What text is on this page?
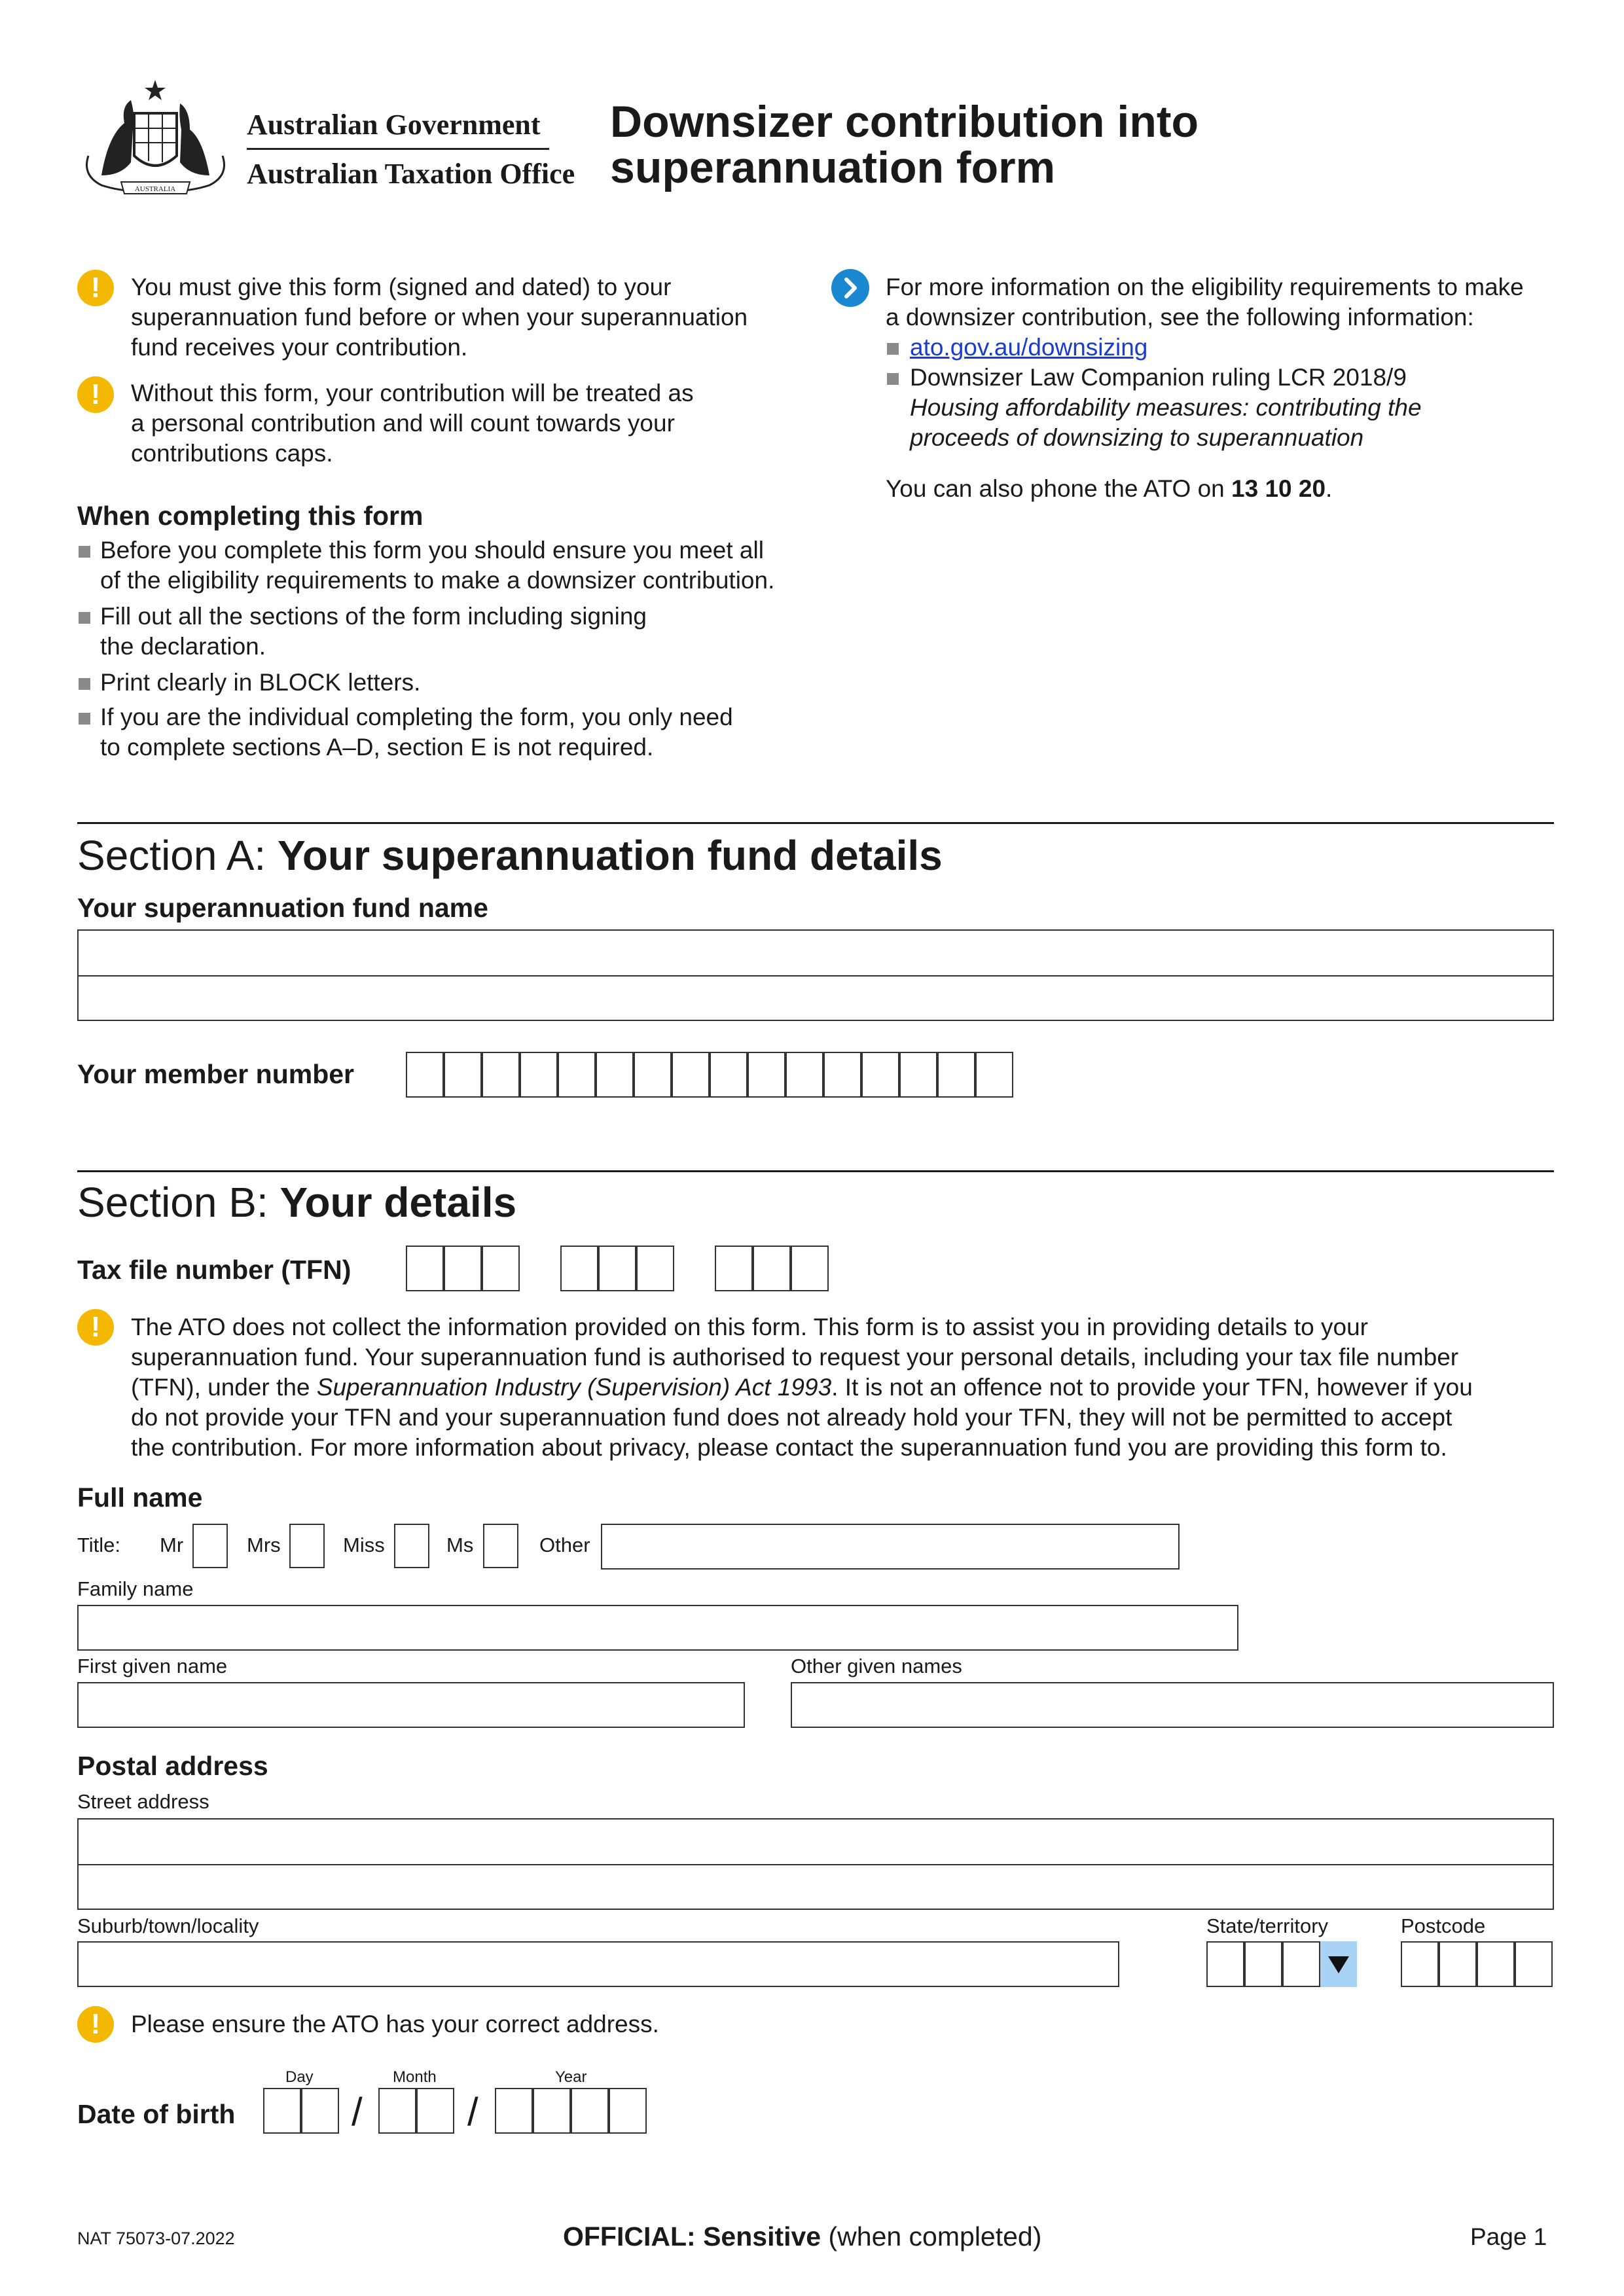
AUSTRALIA
Australian Government
Australian Taxation Office
Downsizer contribution into
superannuation form
!	You must give this form (signed and dated) to your
superannuation fund before or when your superannuation
fund receives your contribution.
!	Without this form, your contribution will be treated as
a personal contribution and will count towards your
contributions caps.
For more information on the eligibility requirements to make
a downsizer contribution, see the following information:
ato.gov.au/downsizing
Downsizer Law Companion ruling LCR 2018/9
Housing affordability measures: contributing the
proceeds of downsizing to superannuation
You can also phone the ATO on 13 10 20.
When completing this form
Before you complete this form you should ensure you meet all
of the eligibility requirements to make a downsizer contribution.
Fill out all the sections of the form including signing
the declaration.
Print clearly in BLOCK letters.
If you are the individual completing the form, you only need
to complete sections A–D, section E is not required.
Section A: Your superannuation fund details
Your superannuation fund name
Your member number
Section B: Your details
Tax file number (TFN)
!	The ATO does not collect the information provided on this form. This form is to assist you in providing details to your
superannuation fund. Your superannuation fund is authorised to request your personal details, including your tax file number
(TFN), under the Superannuation Industry (Supervision) Act 1993. It is not an offence not to provide your TFN, however if you
do not provide your TFN and your superannuation fund does not already hold your TFN, they will not be permitted to accept
the contribution. For more information about privacy, please contact the superannuation fund you are providing this form to.
Full name
Title: Mr	Mrs	Miss	Ms	Other
Family name
First given name	Other given names
Postal address
Street address
Suburb/town/locality	State/territory	Postcode
!	Please ensure the ATO has your correct address.
Day	Month	Year
Date of birth	/	/
NAT 75073-07.2022	OFFICIAL: Sensitive (when completed)	Page 1
